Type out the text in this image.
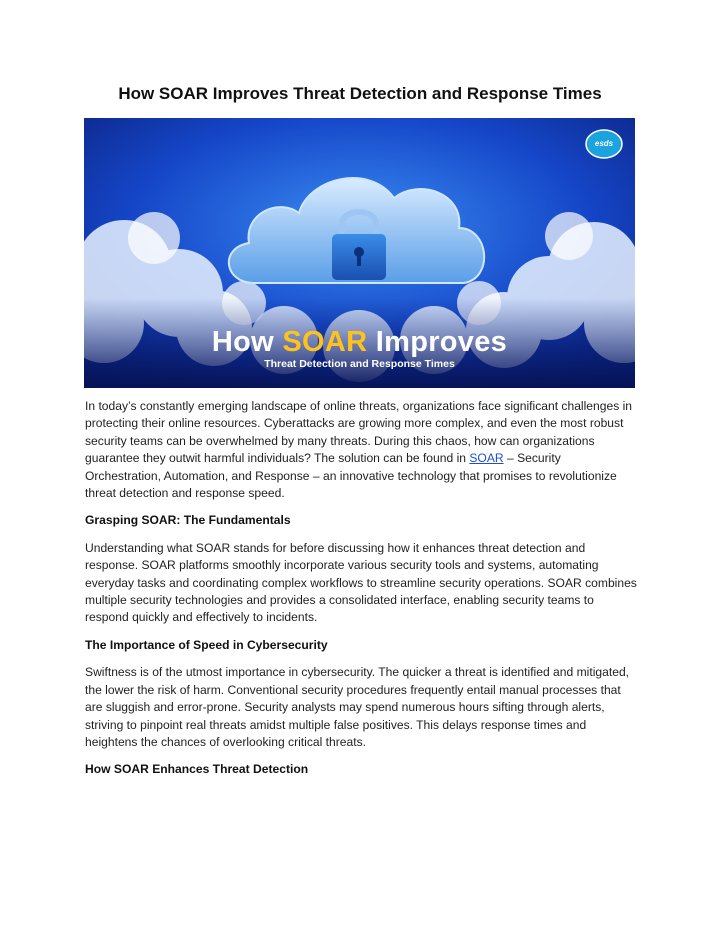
How SOAR Improves Threat Detection and Response Times
esds
How SOAR Improves
Threat Detection and Response Times

In today’s constantly emerging landscape of online threats, organizations face significant challenges in protecting their online resources. Cyberattacks are growing more complex, and even the most robust security teams can be overwhelmed by many threats. During this chaos, how can organizations guarantee they outwit harmful individuals? The solution can be found in SOAR – Security Orchestration, Automation, and Response – an innovative technology that promises to revolutionize threat detection and response speed.

Grasping SOAR: The Fundamentals

Understanding what SOAR stands for before discussing how it enhances threat detection and response. SOAR platforms smoothly incorporate various security tools and systems, automating everyday tasks and coordinating complex workflows to streamline security operations. SOAR combines multiple security technologies and provides a consolidated interface, enabling security teams to respond quickly and effectively to incidents.

The Importance of Speed in Cybersecurity

Swiftness is of the utmost importance in cybersecurity. The quicker a threat is identified and mitigated, the lower the risk of harm. Conventional security procedures frequently entail manual processes that are sluggish and error-prone. Security analysts may spend numerous hours sifting through alerts, striving to pinpoint real threats amidst multiple false positives. This delays response times and heightens the chances of overlooking critical threats.

How SOAR Enhances Threat Detection
